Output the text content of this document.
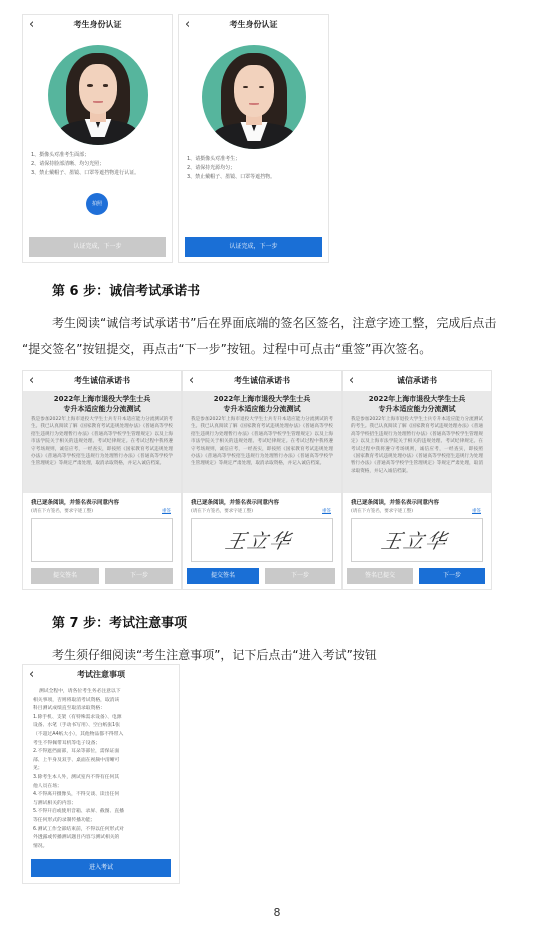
‹	考生身份认证
1、摄像头对准考生面部；
2、请保持脸部清晰、均匀光照；
3、禁止戴帽子、墨镜、口罩等遮挡物进行认证。
拍照
认证完成，下一步
‹	考生身份认证
1、请摄像头对准考生；
2、请保持光源均匀；
3、禁止戴帽子、墨镜、口罩等遮挡物。
认证完成，下一步
第 6 步：诚信考试承诺书
考生阅读“诚信考试承诺书”后在界面底端的签名区签名，注意字迹工整，完成后点击
“提交签名”按钮提交，再点击“下一步”按钮。过程中可点击“重签”再次签名。
‹	考生诚信承诺书
2022年上海市退役大学生士兵
专升本适应能力分流测试
我是参加2022年上海市退役大学生士兵专升本适应能力分流测试的考生。我已认真阅读了解《国家教育考试违规处理办法》《普通高等学校招生违规行为处理暂行办法》《普通高等学校学生管理规定》以及上海市法学院关于相关的违规处理、考试纪律规定。在考试过程中我将遵守考场规则，诚信应考，一经查实，即按照《国家教育考试违规处理办法》《普通高等学校招生违规行为处理暂行办法》《普通高等学校学生管理规定》等规定严肃处理，取消录取资格，并记入诚信档案。
我已逐条阅读，并签名表示同意内容
(请在下方签名，要求字迹工整)	重签
提交签名	下一步
‹	考生诚信承诺书
2022年上海市退役大学生士兵
专升本适应能力分流测试
我是参加2022年上海市退役大学生士兵专升本适应能力分流测试的考生。我已认真阅读了解《国家教育考试违规处理办法》《普通高等学校招生违规行为处理暂行办法》《普通高等学校学生管理规定》以及上海市法学院关于相关的违规处理、考试纪律规定。在考试过程中我将遵守考场规则，诚信应考，一经查实，即按照《国家教育考试违规处理办法》《普通高等学校招生违规行为处理暂行办法》《普通高等学校学生管理规定》等规定严肃处理，取消录取资格，并记入诚信档案。
我已逐条阅读，并签名表示同意内容
(请在下方签名，要求字迹工整)	重签
王立华
提交签名	下一步
‹	诚信承诺书
2022年上海市退役大学生士兵
专升本适应能力分流测试
我是参加2022年上海市退役大学生士兵专升本适应能力分流测试的考生。我已认真阅读了解《国家教育考试违规处理办法》《普通高等学校招生违规行为处理暂行办法》《普通高等学校学生管理规定》以及上海市法学院关于相关的违规处理、考试纪律规定。在考试过程中我将遵守考场规则，诚信应考，一经查实，即按照《国家教育考试违规处理办法》《普通高等学校招生违规行为处理暂行办法》《普通高等学校学生管理规定》等规定严肃处理，取消录取资格，并记入诚信档案。
我已逐条阅读，并签名表示同意内容
(请在下方签名，要求字迹工整)	重签
王立华
签名已提交	下一步
第 7 步：考试注意事项
考生须仔细阅读“考生注意事项”，记下后点击“进入考试”按钮
‹	考试注意事项
测试全程中，请各位考生务必注意以下
相关事项，否则将取消考试资格，取消该
科目测试成绩直至取消录取资格：
1.除手机、支架（有特殊需求设备）、电源
设备、水笔（手动书写用）、空白纸张1张
（不超过A4纸大小），其他物品都不得带入
考生不得佩带耳机等电子设备；
2.不得遮挡面部，耳朵等部位，需保证面
部、上半身及双手、桌面在视频中清晰可
见；
3.除考生本人外，测试室内不得有任何其
他人员在场；
4.不得离开摄像头，不得交谈、读出任何
与测试相关的内容；
5.不得开启或使用音箱、录屏、截图、直播
等任何形式的录制传播功能；
6.测试工作全部结束前，不得以任何形式对
外透露或传播测试题目内容与测试相关的
情况。
进入考试
8
